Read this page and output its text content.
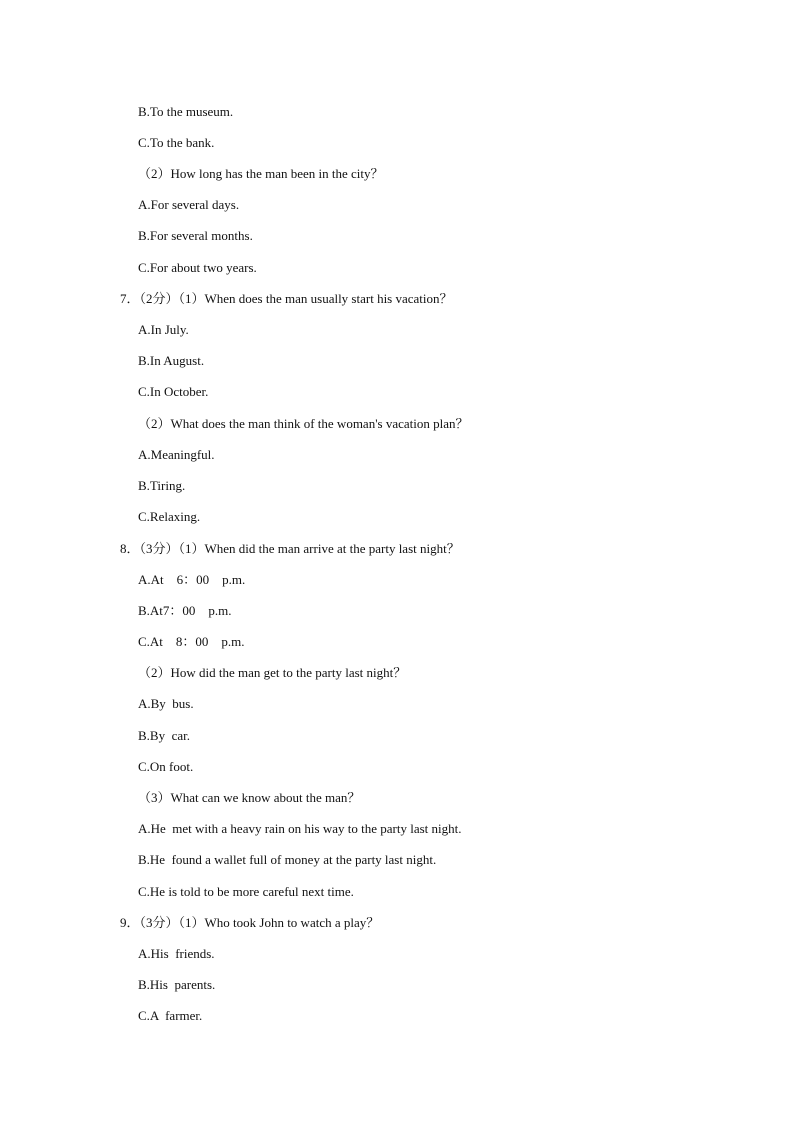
B.To the museum.
C.To the bank.
（2）How long has the man been in the city？
A.For several days.
B.For several months.
C.For about two years.
7．（2分）（1）When does the man usually start his vacation？
A.In July.
B.In August.
C.In October.
（2）What does the man think of the woman's vacation plan？
A.Meaningful.
B.Tiring.
C.Relaxing.
8．（3分）（1）When did the man arrive at the party last night？
A.At    6：00    p.m.
B.At7：00    p.m.
C.At    8：00    p.m.
（2）How did the man get to the party last night？
A.By  bus.
B.By  car.
C.On foot.
（3）What can we know about the man？
A.He  met with a heavy rain on his way to the party last night.
B.He  found a wallet full of money at the party last night.
C.He is told to be more careful next time.
9．（3分）（1）Who took John to watch a play？
A.His  friends.
B.His  parents.
C.A  farmer.
